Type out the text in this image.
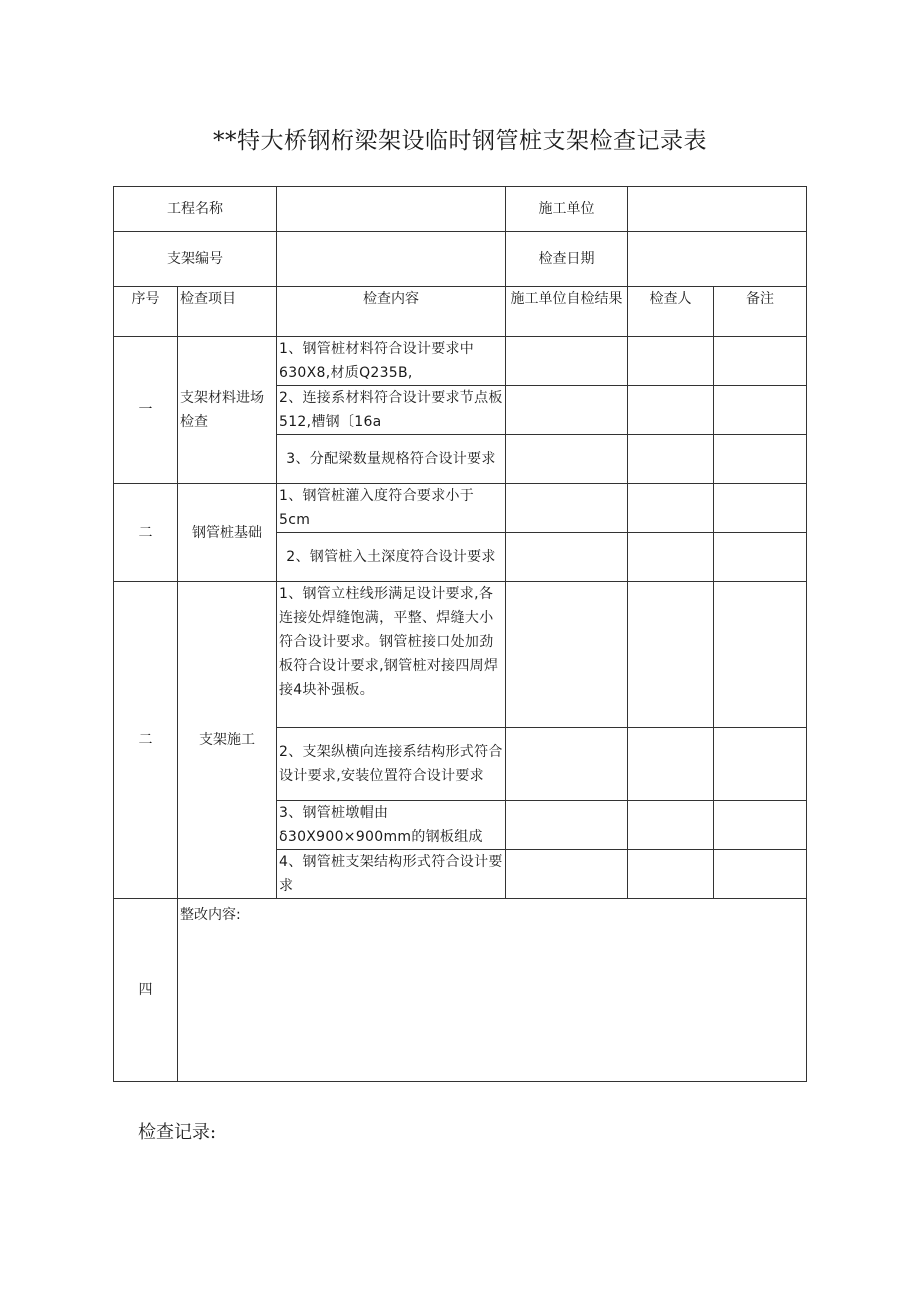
**特大桥钢桁梁架设临时钢管桩支架检查记录表
工程名称			施工单位		
支架编号			检查日期		
序号	检查项目	检查内容	施工单位自检结果	检查人	备注
一	支架材料进场检查	1、钢管桩材料符合设计要求中630X8,材质Q235B,			
		2、连接系材料符合设计要求节点板512,槽钢〔16a			
		3、分配梁数量规格符合设计要求			
二	钢管桩基础	1、钢管桩灌入度符合要求小于5cm			
		2、钢管桩入土深度符合设计要求			
二	支架施工	1、钢管立柱线形满足设计要求,各连接处焊缝饱满，平整、焊缝大小符合设计要求。钢管桩接口处加劲板符合设计要求,钢管桩对接四周焊接4块补强板。			
		2、支架纵横向连接系结构形式符合设计要求,安装位置符合设计要求			
		3、钢管桩墩帽由δ30X900×900mm的钢板组成			
		4、钢管桩支架结构形式符合设计要求			
四	整改内容:				
检查记录:
